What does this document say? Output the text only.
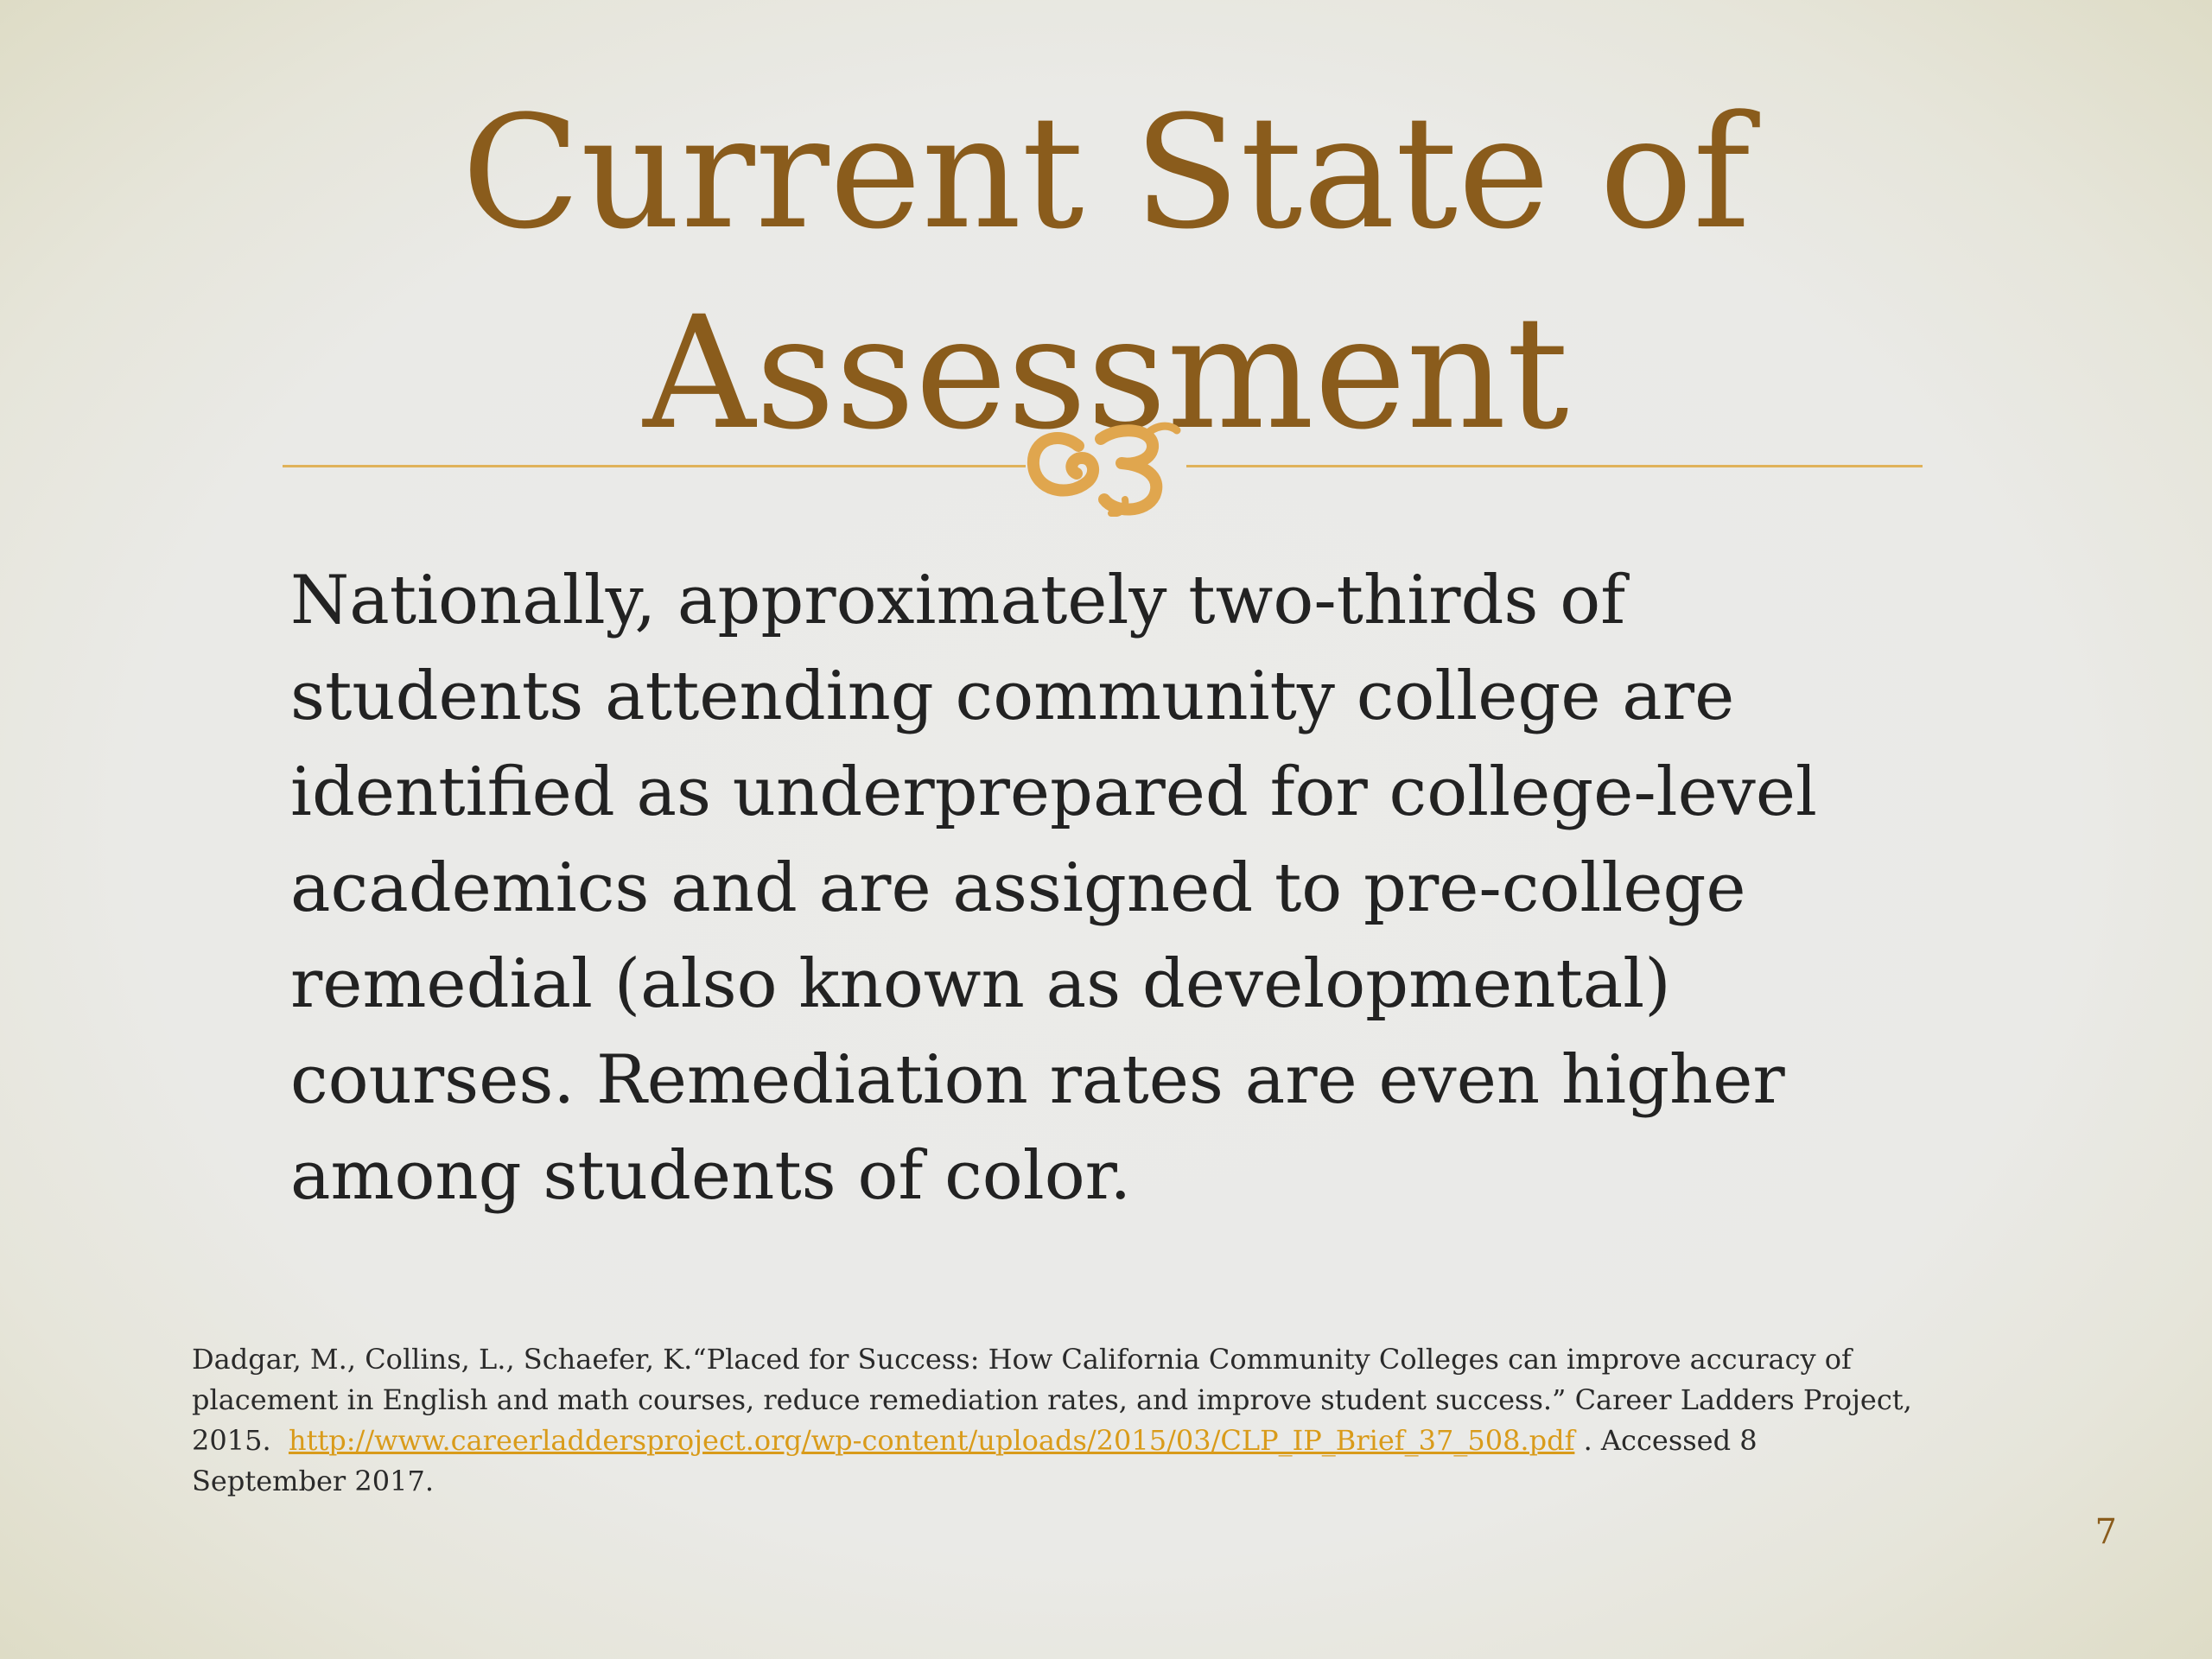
Current State of
Assessment

Nationally, approximately two-thirds of
students attending community college are
identified as underprepared for college-level
academics and are assigned to pre-college
remedial (also known as developmental)
courses. Remediation rates are even higher
among students of color.

Dadgar, M., Collins, L., Schaefer, K.“Placed for Success: How California Community Colleges can improve accuracy of
placement in English and math courses, reduce remediation rates, and improve student success.” Career Ladders Project,
2015.  http://www.careerladdersproject.org/wp-content/uploads/2015/03/CLP_IP_Brief_37_508.pdf . Accessed 8
September 2017.
7
